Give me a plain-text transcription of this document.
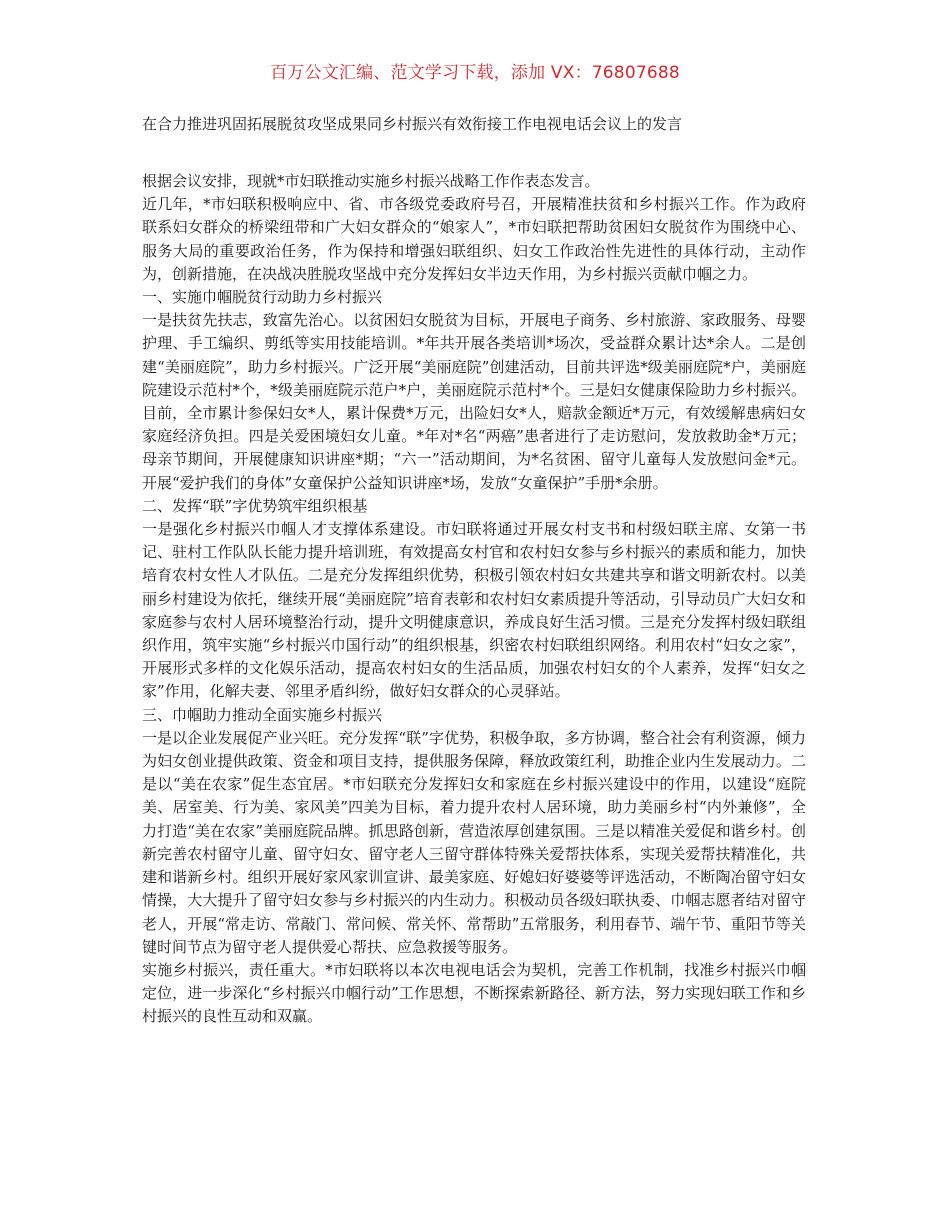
百万公文汇编、范文学习下载，添加 VX：76807688
在合力推进巩固拓展脱贫攻坚成果同乡村振兴有效衔接工作电视电话会议上的发言

根据会议安排，现就*市妇联推动实施乡村振兴战略工作作表态发言。

近几年，*市妇联积极响应中、省、市各级党委政府号召，开展精准扶贫和乡村振兴工作。作为政府联系妇女群众的桥梁纽带和广大妇女群众的“娘家人”，*市妇联把帮助贫困妇女脱贫作为围绕中心、服务大局的重要政治任务，作为保持和增强妇联组织、妇女工作政治性先进性的具体行动，主动作为，创新措施，在决战决胜脱攻坚战中充分发挥妇女半边天作用，为乡村振兴贡献巾帼之力。

一、实施巾帼脱贫行动助力乡村振兴

一是扶贫先扶志，致富先治心。以贫困妇女脱贫为目标，开展电子商务、乡村旅游、家政服务、母婴护理、手工编织、剪纸等实用技能培训。*年共开展各类培训*场次，受益群众累计达*余人。二是创建“美丽庭院”，助力乡村振兴。广泛开展“美丽庭院”创建活动，目前共评选*级美丽庭院*户，美丽庭院建设示范村*个，*级美丽庭院示范户*户，美丽庭院示范村*个。三是妇女健康保险助力乡村振兴。目前，全市累计参保妇女*人，累计保费*万元，出险妇女*人，赔款金额近*万元，有效缓解患病妇女家庭经济负担。四是关爱困境妇女儿童。*年对*名“两癌”患者进行了走访慰问，发放救助金*万元；母亲节期间，开展健康知识讲座*期；“六一”活动期间，为*名贫困、留守儿童每人发放慰问金*元。开展“爱护我们的身体”女童保护公益知识讲座*场，发放“女童保护”手册*余册。

二、发挥“联”字优势筑牢组织根基

一是强化乡村振兴巾帼人才支撑体系建设。市妇联将通过开展女村支书和村级妇联主席、女第一书记、驻村工作队队长能力提升培训班，有效提高女村官和农村妇女参与乡村振兴的素质和能力，加快培育农村女性人才队伍。二是充分发挥组织优势，积极引领农村妇女共建共享和谐文明新农村。以美丽乡村建设为依托，继续开展“美丽庭院”培育表彰和农村妇女素质提升等活动，引导动员广大妇女和家庭参与农村人居环境整治行动，提升文明健康意识，养成良好生活习惯。三是充分发挥村级妇联组织作用，筑牢实施“乡村振兴巾国行动”的组织根基，织密农村妇联组织网络。利用农村“妇女之家”，开展形式多样的文化娱乐活动，提高农村妇女的生活品质，加强农村妇女的个人素养，发挥“妇女之家”作用，化解夫妻、邻里矛盾纠纷，做好妇女群众的心灵驿站。

三、巾帼助力推动全面实施乡村振兴

一是以企业发展促产业兴旺。充分发挥“联”字优势，积极争取，多方协调，整合社会有利资源，倾力为妇女创业提供政策、资金和项目支持，提供服务保障，释放政策红利，助推企业内生发展动力。二是以“美在农家”促生态宜居。*市妇联充分发挥妇女和家庭在乡村振兴建设中的作用，以建设“庭院美、居室美、行为美、家风美”四美为目标，着力提升农村人居环境，助力美丽乡村“内外兼修”，全力打造“美在农家”美丽庭院品牌。抓思路创新，营造浓厚创建氛围。三是以精准关爱促和谐乡村。创新完善农村留守儿童、留守妇女、留守老人三留守群体特殊关爱帮扶体系，实现关爱帮扶精准化，共建和谐新乡村。组织开展好家风家训宣讲、最美家庭、好媳妇好婆婆等评选活动，不断陶冶留守妇女情操，大大提升了留守妇女参与乡村振兴的内生动力。积极动员各级妇联执委、巾帼志愿者结对留守老人，开展“常走访、常敲门、常问候、常关怀、常帮助”五常服务，利用春节、端午节、重阳节等关键时间节点为留守老人提供爱心帮扶、应急救援等服务。

实施乡村振兴，责任重大。*市妇联将以本次电视电话会为契机，完善工作机制，找准乡村振兴巾帼定位，进一步深化“乡村振兴巾帼行动”工作思想，不断探索新路径、新方法，努力实现妇联工作和乡村振兴的良性互动和双赢。
